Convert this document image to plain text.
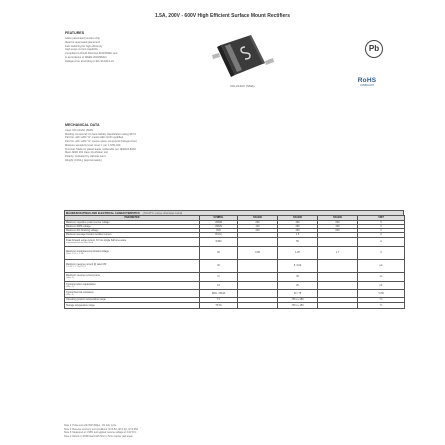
1.5A, 200V - 600V High Efficient Surface Mount Rectifiers
FEATURES
Glass passivated junction chip
Ideal for automated placement
Fast switching for high efficiency
High surge current capability
Compliant to RoHS Directive 2011/65/EU and
in accordance to WEEE 2002/96/EC
Halogen-free according to IEC 61249-2-21
DO-214AC (SMA)
Pb
RoHS
COMPLIANT
MECHANICAL DATA
Case: DO-214AC (SMA)
Molding compound: UL flammability classification rating 94V-0
Part No. with suffix "H" means AEC-Q101 qualified
Part No. with suffix "G" means green compound (halogen-free)
Moisture sensitivity level: level 1, per J-STD-020
Terminal: Matte tin plated leads, solderable per JESD22-B102
Meet JESD 201 class 1A whisker test
Polarity: Indicated by cathode band
Weight: 0.064 g (approximately)
MAXIMUM RATINGS AND ELECTRICAL CHARACTERISTICS	(TA=25°C unless otherwise noted)
PARAMETER	SYMBOL	SFA206	SFA208	SFA209	UNIT

Maximum repetitive peak reverse voltage	VRRM	200	400	600	V

Maximum RMS voltage	VRMS	140	280	420	V

Maximum DC blocking voltage	VDC	200	400	600	V

Maximum average forward rectified current	IF(AV)		1.5		A

Peak forward surge current, 8.3 ms single half sine-wave
superimposed on rated load	IFSM		50		A

Maximum instantaneous forward voltage
(Note 1) IF = 1.5A	VF	0.95	1.25	1.7	V

Maximum reverse current @ rated VR
TJ=25°C / TJ=125°C	IR		5 / 100		µA

Maximum reverse recovery time
(Note 2)	trr		35		ns

Typical junction capacitance
(Note 3)	CJ		25		pF

Typical thermal resistance
(Note 4)	RθJL / RθJA		30 / 75		°C/W

Operating junction temperature range	TJ		-55 to +150		°C

Storage temperature range	TSTG		-55 to +150		°C
Note 1: Pulse test with PW=300µs, 1% duty cycle
Note 2: Reverse recovery test conditions: IF=0.5A, IR=1.0A, Irr=0.25A
Note 3: Measured at 1 MHz and applied reverse voltage of 4.0V D.C.
Note 4: Mount on PCB board with 5mm x 5mm copper pad areas
